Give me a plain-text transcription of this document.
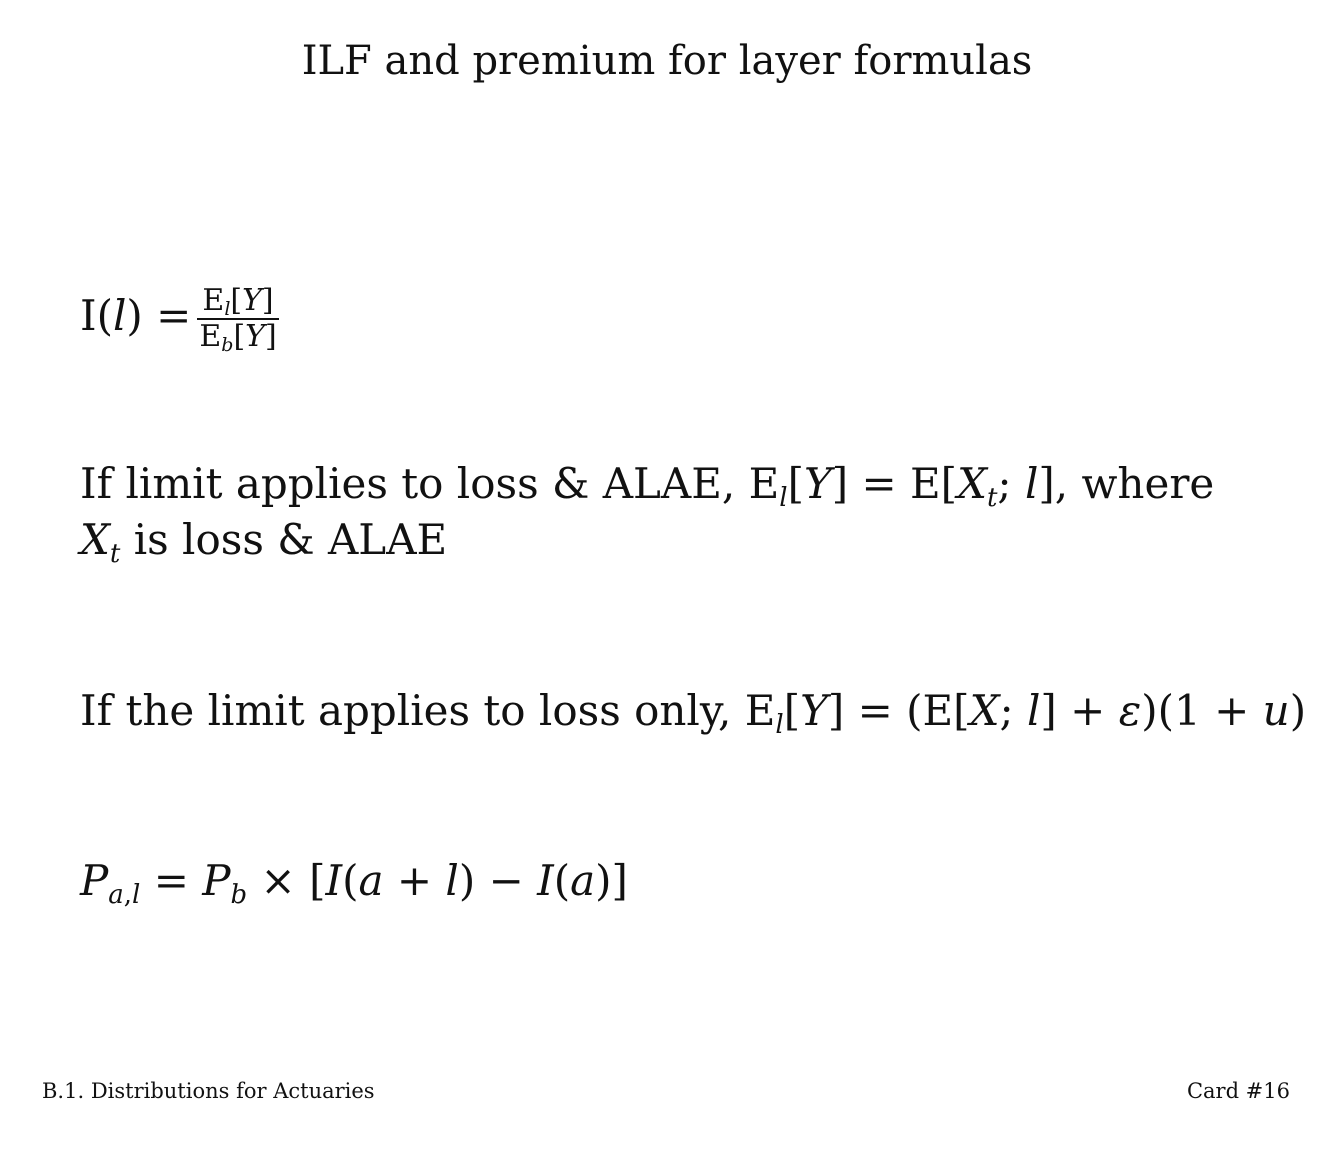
ILF and premium for layer formulas
$I(l) = \frac{E_l[Y]}{E_b[Y]}$
If limit applies to loss & ALAE, $E_l[Y] = E[X_t$; l], where $X_t$ is loss & ALAE
If the limit applies to loss only, $E_l[Y] = (E[X$; l] + ε)(1 + u)
$P_{a,l} = P_b \times [I(a + l) - I(a)]$
B.1. Distributions for Actuaries	Card #16
